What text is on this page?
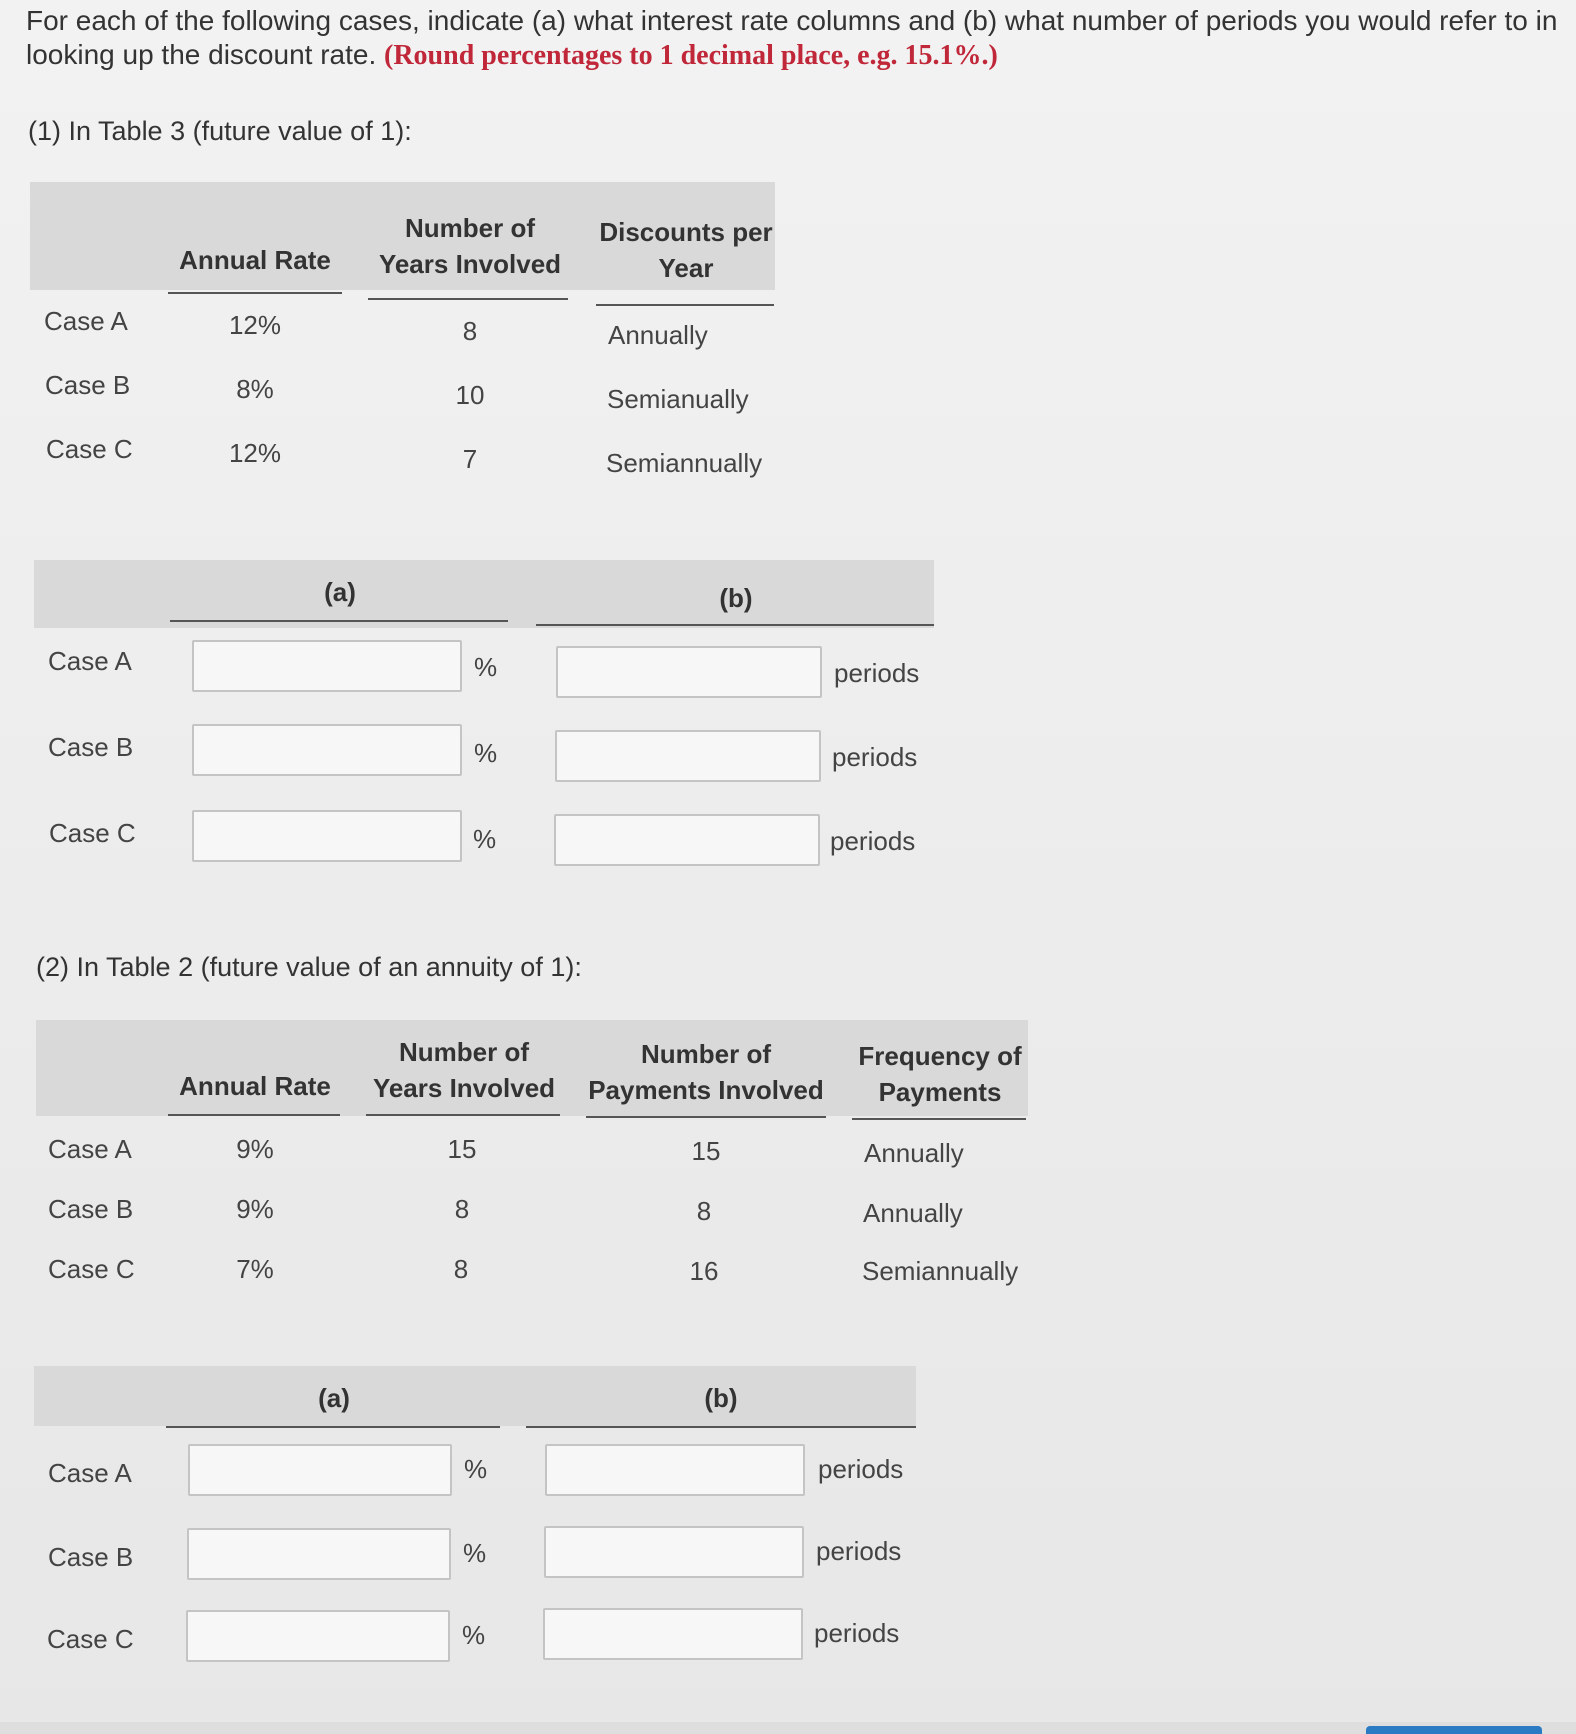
For each of the following cases, indicate (a) what interest rate columns and (b) what number of periods you would refer to in looking up the discount rate. (Round percentages to 1 decimal place, e.g. 15.1%.)
(1) In Table 3 (future value of 1):
Annual Rate
Number of Years Involved
Discounts per Year
Case A	12%	8	Annually
Case B	8%	10	Semianually
Case C	12%	7	Semiannually
(a)	(b)
Case A	%	periods
Case B	%	periods
Case C	%	periods
(2) In Table 2 (future value of an annuity of 1):
Annual Rate
Number of Years Involved
Number of Payments Involved
Frequency of Payments
Case A	9%	15	15	Annually
Case B	9%	8	8	Annually
Case C	7%	8	16	Semiannually
(a)	(b)
Case A	%	periods
Case B	%	periods
Case C	%	periods
